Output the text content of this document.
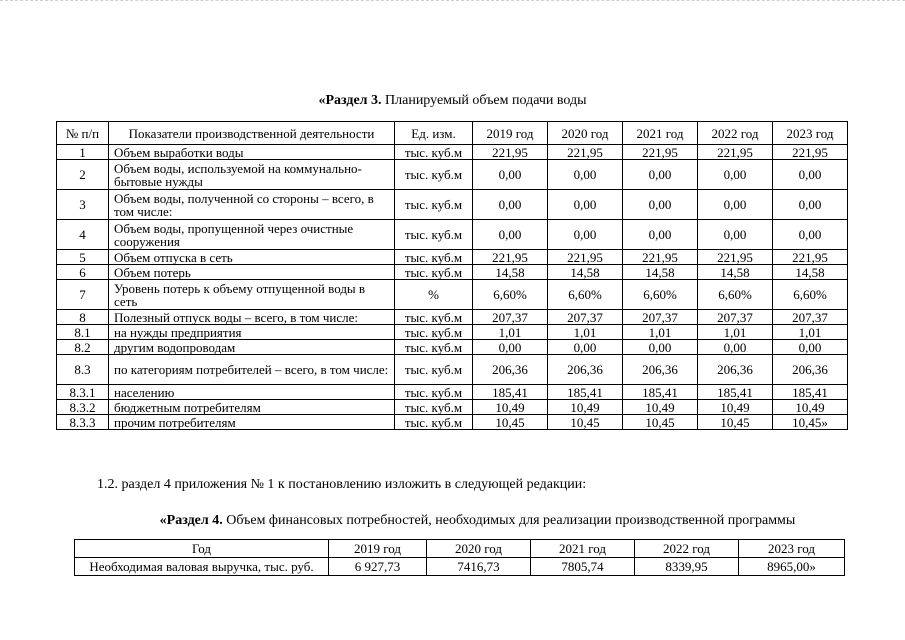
«Раздел 3. Планируемый объем подачи воды
№ п/п	Показатели производственной деятельности	Ед. изм.	2019 год	2020 год	2021 год	2022 год	2023 год
1	Объем выработки воды	тыс. куб.м	221,95	221,95	221,95	221,95	221,95
2	Объем воды, используемой на коммунально-бытовые нужды	тыс. куб.м	0,00	0,00	0,00	0,00	0,00
3	Объем воды, полученной со стороны – всего, в том числе:	тыс. куб.м	0,00	0,00	0,00	0,00	0,00
4	Объем воды, пропущенной через очистные сооружения	тыс. куб.м	0,00	0,00	0,00	0,00	0,00
5	Объем отпуска в сеть	тыс. куб.м	221,95	221,95	221,95	221,95	221,95
6	Объем потерь	тыс. куб.м	14,58	14,58	14,58	14,58	14,58
7	Уровень потерь к объему отпущенной воды в сеть	%	6,60%	6,60%	6,60%	6,60%	6,60%
8	Полезный отпуск воды – всего, в том числе:	тыс. куб.м	207,37	207,37	207,37	207,37	207,37
8.1	на нужды предприятия	тыс. куб.м	1,01	1,01	1,01	1,01	1,01
8.2	другим водопроводам	тыс. куб.м	0,00	0,00	0,00	0,00	0,00
8.3	по категориям потребителей – всего, в том числе:	тыс. куб.м	206,36	206,36	206,36	206,36	206,36
8.3.1	населению	тыс. куб.м	185,41	185,41	185,41	185,41	185,41
8.3.2	бюджетным потребителям	тыс. куб.м	10,49	10,49	10,49	10,49	10,49
8.3.3	прочим потребителям	тыс. куб.м	10,45	10,45	10,45	10,45	10,45»
1.2. раздел 4 приложения № 1 к постановлению изложить в следующей редакции:
«Раздел 4. Объем финансовых потребностей, необходимых для реализации производственной программы
Год	2019 год	2020 год	2021 год	2022 год	2023 год
Необходимая валовая выручка, тыс. руб.	6 927,73	7416,73	7805,74	8339,95	8965,00»
